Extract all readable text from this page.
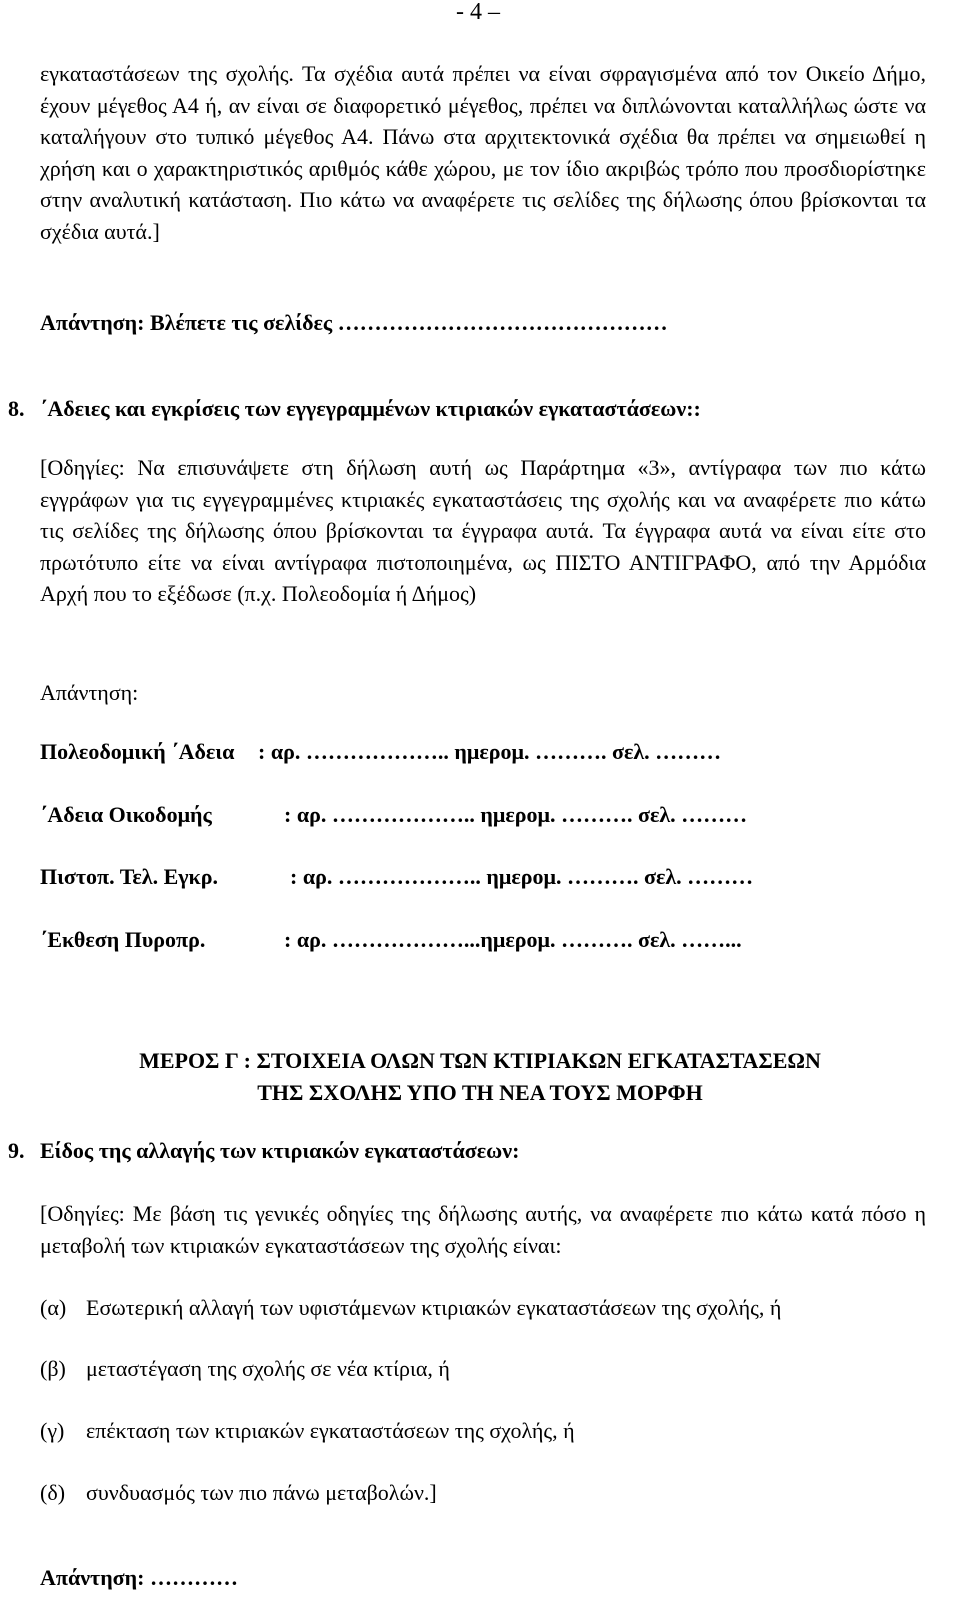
- 4 –
εγκαταστάσεων της σχολής. Τα σχέδια αυτά πρέπει να είναι σφραγισμένα από τον Οικείο Δήμο, έχουν μέγεθος Α4 ή, αν είναι σε διαφορετικό μέγεθος, πρέπει να διπλώνονται καταλλήλως ώστε να καταλήγουν στο τυπικό μέγεθος Α4. Πάνω στα αρχιτεκτονικά σχέδια θα πρέπει να σημειωθεί η χρήση και ο χαρακτηριστικός αριθμός κάθε χώρου, με τον ίδιο ακριβώς τρόπο που προσδιορίστηκε στην αναλυτική κατάσταση. Πιο κάτω να αναφέρετε τις σελίδες της δήλωσης όπου βρίσκονται τα σχέδια αυτά.]
Απάντηση: Βλέπετε τις σελίδες ………………………………………
8. ΄Αδειες και εγκρίσεις των εγγεγραμμένων κτιριακών εγκαταστάσεων::
[Οδηγίες: Να επισυνάψετε στη δήλωση αυτή ως Παράρτημα «3», αντίγραφα των πιο κάτω εγγράφων για τις εγγεγραμμένες κτιριακές εγκαταστάσεις της σχολής και να αναφέρετε πιο κάτω τις σελίδες της δήλωσης όπου βρίσκονται τα έγγραφα αυτά. Τα έγγραφα αυτά να είναι είτε στο πρωτότυπο είτε να είναι αντίγραφα πιστοποιημένα, ως ΠΙΣΤΟ ΑΝΤΙΓΡΑΦΟ, από την Αρμόδια Αρχή που το εξέδωσε (π.χ. Πολεοδομία ή Δήμος)
Απάντηση:
Πολεοδομική ΄Αδεια : αρ. ……………….. ημερομ. ………. σελ. ………
΄Αδεια Οικοδομής	: αρ. ……………….. ημερομ. ………. σελ. ………
Πιστοπ. Τελ. Εγκρ.	: αρ. ……………….. ημερομ. ………. σελ. ………
΄Εκθεση Πυροπρ.	: αρ. ………………...ημερομ. ………. σελ. ……...
ΜΕΡΟΣ Γ : ΣΤΟΙΧΕΙΑ ΟΛΩΝ ΤΩΝ ΚΤΙΡΙΑΚΩΝ ΕΓΚΑΤΑΣΤΑΣΕΩΝ
ΤΗΣ ΣΧΟΛΗΣ ΥΠΟ ΤΗ ΝΕΑ ΤΟΥΣ ΜΟΡΦΗ
9. Είδος της αλλαγής των κτιριακών εγκαταστάσεων:
[Οδηγίες: Με βάση τις γενικές οδηγίες της δήλωσης αυτής, να αναφέρετε πιο κάτω κατά πόσο η μεταβολή των κτιριακών εγκαταστάσεων της σχολής είναι:
(α) Εσωτερική αλλαγή των υφιστάμενων κτιριακών εγκαταστάσεων της σχολής, ή
(β) μεταστέγαση της σχολής σε νέα κτίρια, ή
(γ) επέκταση των κτιριακών εγκαταστάσεων της σχολής, ή
(δ) συνδυασμός των πιο πάνω μεταβολών.]
Απάντηση: …………
